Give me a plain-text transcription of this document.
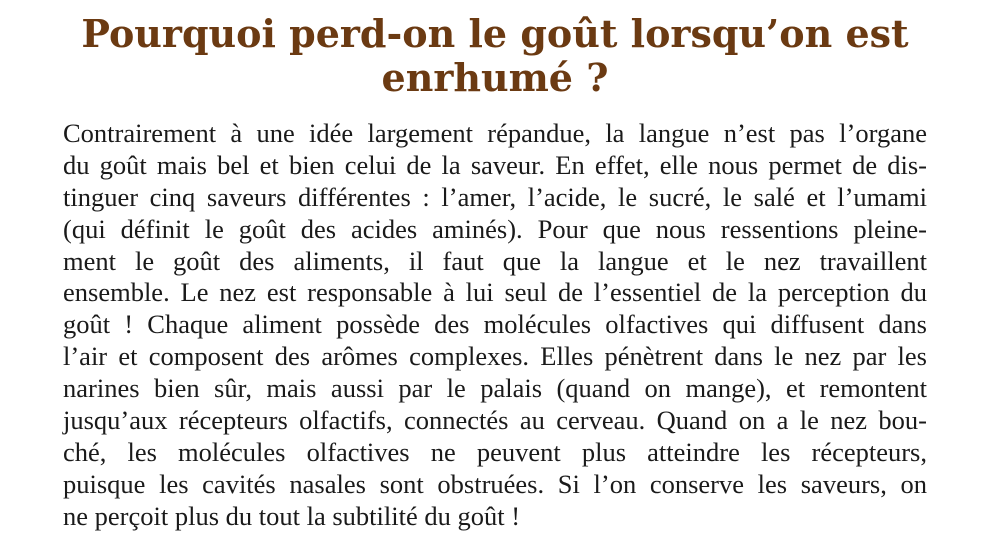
Pourquoi perd-on le goût lorsqu’on est
enrhumé ?
Contrairement à une idée largement répandue, la langue n’est pas l’organe
du goût mais bel et bien celui de la saveur. En effet, elle nous permet de dis-
tinguer cinq saveurs différentes : l’amer, l’acide, le sucré, le salé et l’umami
(qui définit le goût des acides aminés). Pour que nous ressentions pleine-
ment le goût des aliments, il faut que la langue et le nez travaillent
ensemble. Le nez est responsable à lui seul de l’essentiel de la perception du
goût ! Chaque aliment possède des molécules olfactives qui diffusent dans
l’air et composent des arômes complexes. Elles pénètrent dans le nez par les
narines bien sûr, mais aussi par le palais (quand on mange), et remontent
jusqu’aux récepteurs olfactifs, connectés au cerveau. Quand on a le nez bou-
ché, les molécules olfactives ne peuvent plus atteindre les récepteurs,
puisque les cavités nasales sont obstruées. Si l’on conserve les saveurs, on
ne perçoit plus du tout la subtilité du goût !
